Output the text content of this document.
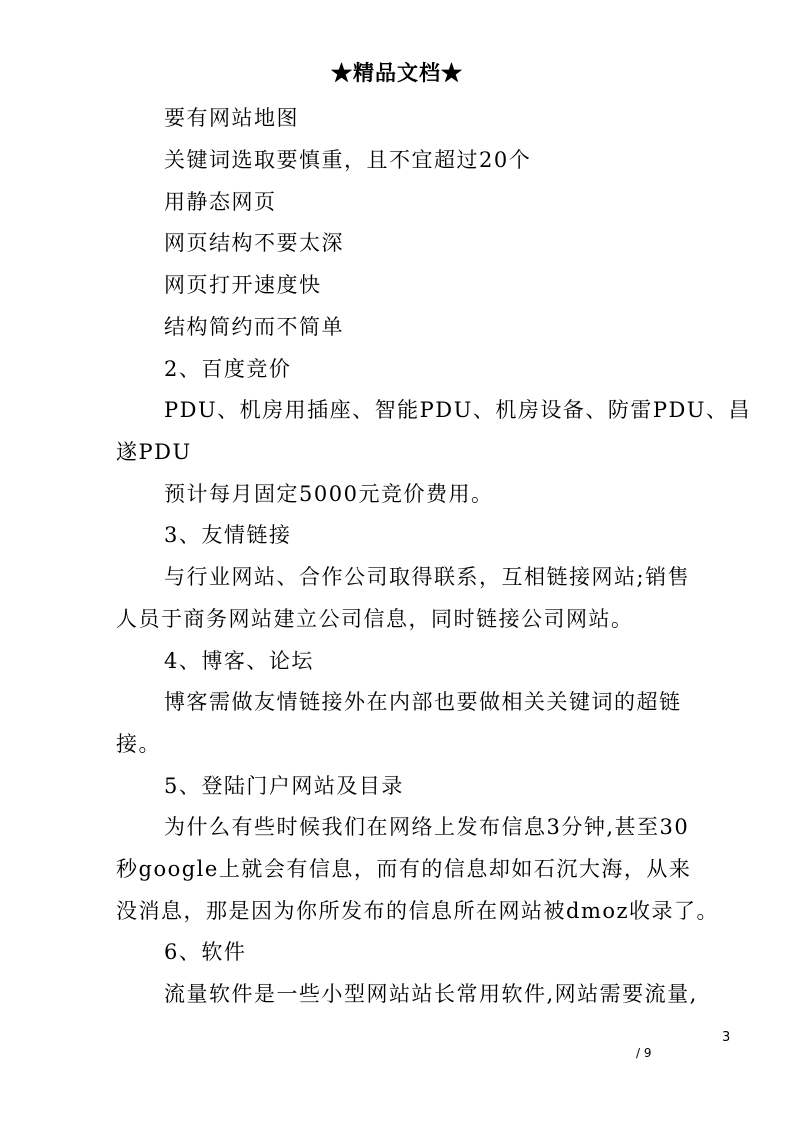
★精品文档★
要有网站地图
关键词选取要慎重，且不宜超过20个
用静态网页
网页结构不要太深
网页打开速度快
结构简约而不简单
2、百度竞价
PDU、机房用插座、智能PDU、机房设备、防雷PDU、昌
遂PDU
预计每月固定5000元竞价费用。
3、友情链接
与行业网站、合作公司取得联系，互相链接网站;销售
人员于商务网站建立公司信息，同时链接公司网站。
4、博客、论坛
博客需做友情链接外在内部也要做相关关键词的超链
接。
5、登陆门户网站及目录
为什么有些时候我们在网络上发布信息3分钟,甚至30
秒google上就会有信息，而有的信息却如石沉大海，从来
没消息，那是因为你所发布的信息所在网站被dmoz收录了。
6、软件
流量软件是一些小型网站站长常用软件,网站需要流量,
3
/ 9
